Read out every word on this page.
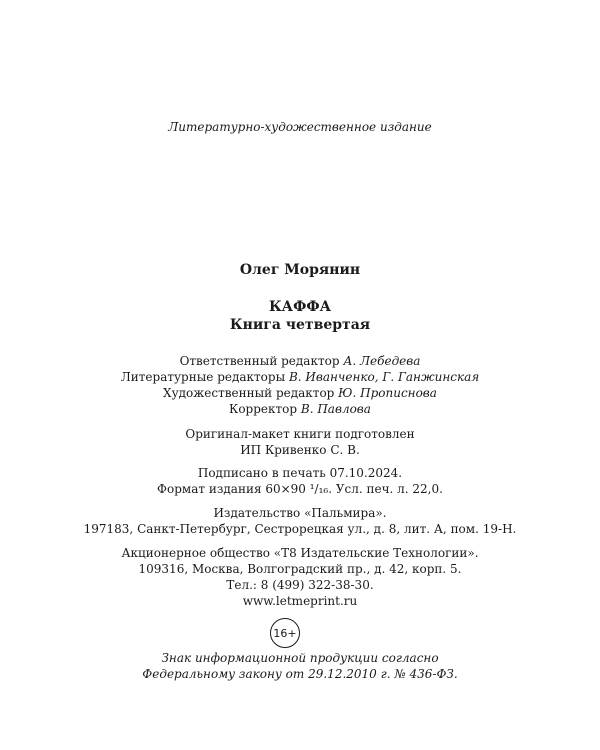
Литературно-художественное издание
Олег Морянин
КАФФА
Книга четвертая
Ответственный редактор А. Лебедева
Литературные редакторы В. Иванченко, Г. Ганжинская
Художественный редактор Ю. Прописнова
Корректор В. Павлова
Оригинал-макет книги подготовлен
ИП Кривенко С. В.
Подписано в печать 07.10.2024.
Формат издания 60×90 ¹/₁₆. Усл. печ. л. 22,0.
Издательство «Пальмира».
197183, Санкт-Петербург, Сестрорецкая ул., д. 8, лит. А, пом. 19-Н.
Акционерное общество «Т8 Издательские Технологии».
109316, Москва, Волгоградский пр., д. 42, корп. 5.
Тел.: 8 (499) 322-38-30.
www.letmeprint.ru
16+
Знак информационной продукции согласно
Федеральному закону от 29.12.2010 г. № 436-ФЗ.
